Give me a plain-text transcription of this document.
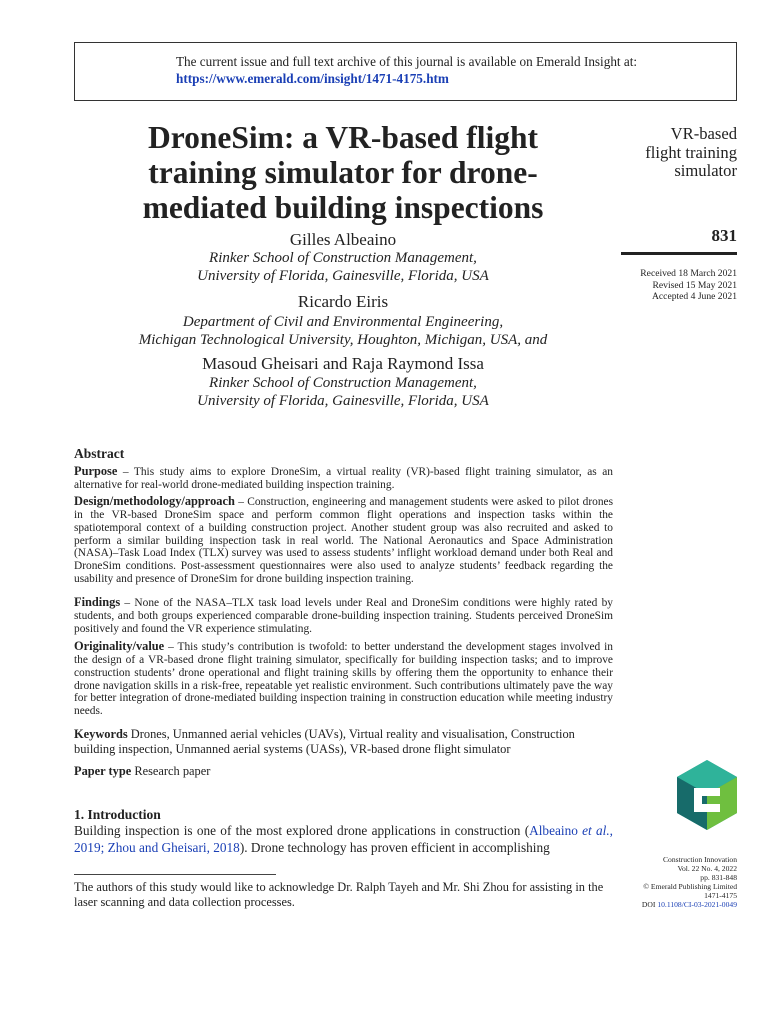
The current issue and full text archive of this journal is available on Emerald Insight at:
https://www.emerald.com/insight/1471-4175.htm
DroneSim: a VR-based flight
training simulator for drone-
mediated building inspections
VR-based
flight training
simulator
831
Received 18 March 2021
Revised 15 May 2021
Accepted 4 June 2021
Gilles Albeaino
Rinker School of Construction Management,
University of Florida, Gainesville, Florida, USA
Ricardo Eiris
Department of Civil and Environmental Engineering,
Michigan Technological University, Houghton, Michigan, USA, and
Masoud Gheisari and Raja Raymond Issa
Rinker School of Construction Management,
University of Florida, Gainesville, Florida, USA
Abstract
Purpose – This study aims to explore DroneSim, a virtual reality (VR)-based flight training simulator, as an alternative for real-world drone-mediated building inspection training.
Design/methodology/approach – Construction, engineering and management students were asked to pilot drones in the VR-based DroneSim space and perform common flight operations and inspection tasks within the spatiotemporal context of a building construction project. Another student group was also recruited and asked to perform a similar building inspection task in real world. The National Aeronautics and Space Administration (NASA)–Task Load Index (TLX) survey was used to assess students’ inflight workload demand under both Real and DroneSim conditions. Post-assessment questionnaires were also used to analyze students’ feedback regarding the usability and presence of DroneSim for drone building inspection training.
Findings – None of the NASA–TLX task load levels under Real and DroneSim conditions were highly rated by students, and both groups experienced comparable drone-building inspection training. Students perceived DroneSim positively and found the VR experience stimulating.
Originality/value – This study’s contribution is twofold: to better understand the development stages involved in the design of a VR-based drone flight training simulator, specifically for building inspection tasks; and to improve construction students’ drone operational and flight training skills by offering them the opportunity to enhance their drone navigation skills in a risk-free, repeatable yet realistic environment. Such contributions ultimately pave the way for better integration of drone-mediated building inspection training in construction education while meeting industry needs.
Keywords Drones, Unmanned aerial vehicles (UAVs), Virtual reality and visualisation, Construction building inspection, Unmanned aerial systems (UASs), VR-based drone flight simulator
Paper type Research paper
1. Introduction
Building inspection is one of the most explored drone applications in construction (Albeaino et al., 2019; Zhou and Gheisari, 2018). Drone technology has proven efficient in accomplishing
The authors of this study would like to acknowledge Dr. Ralph Tayeh and Mr. Shi Zhou for assisting in the laser scanning and data collection processes.
Construction Innovation
Vol. 22 No. 4, 2022
pp. 831-848
© Emerald Publishing Limited
1471-4175
DOI 10.1108/CI-03-2021-0049
